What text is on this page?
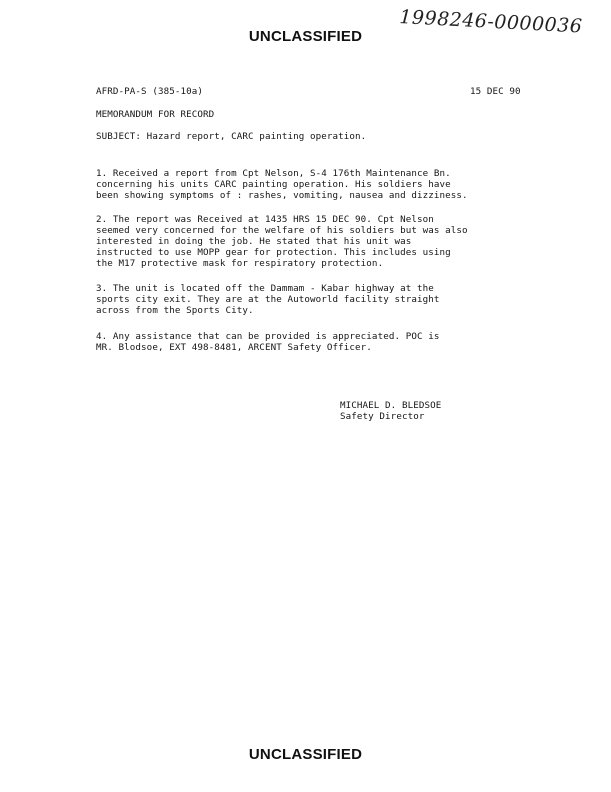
1998246-0000036
UNCLASSIFIED
AFRD-PA-S (385-10a)	15 DEC 90
MEMORANDUM FOR RECORD
SUBJECT: Hazard report, CARC painting operation.
1. Received a report from Cpt Nelson, S-4 176th Maintenance Bn.
concerning his units CARC painting operation. His soldiers have
been showing symptoms of : rashes, vomiting, nausea and dizziness.
2. The report was Received at 1435 HRS 15 DEC 90. Cpt Nelson
seemed very concerned for the welfare of his soldiers but was also
interested in doing the job. He stated that his unit was
instructed to use MOPP gear for protection. This includes using
the M17 protective mask for respiratory protection.
3. The unit is located off the Dammam - Kabar highway at the
sports city exit. They are at the Autoworld facility straight
across from the Sports City.
4. Any assistance that can be provided is appreciated. POC is
MR. Blodsoe, EXT 498-8481, ARCENT Safety Officer.
MICHAEL D. BLEDSOE
Safety Director
UNCLASSIFIED
